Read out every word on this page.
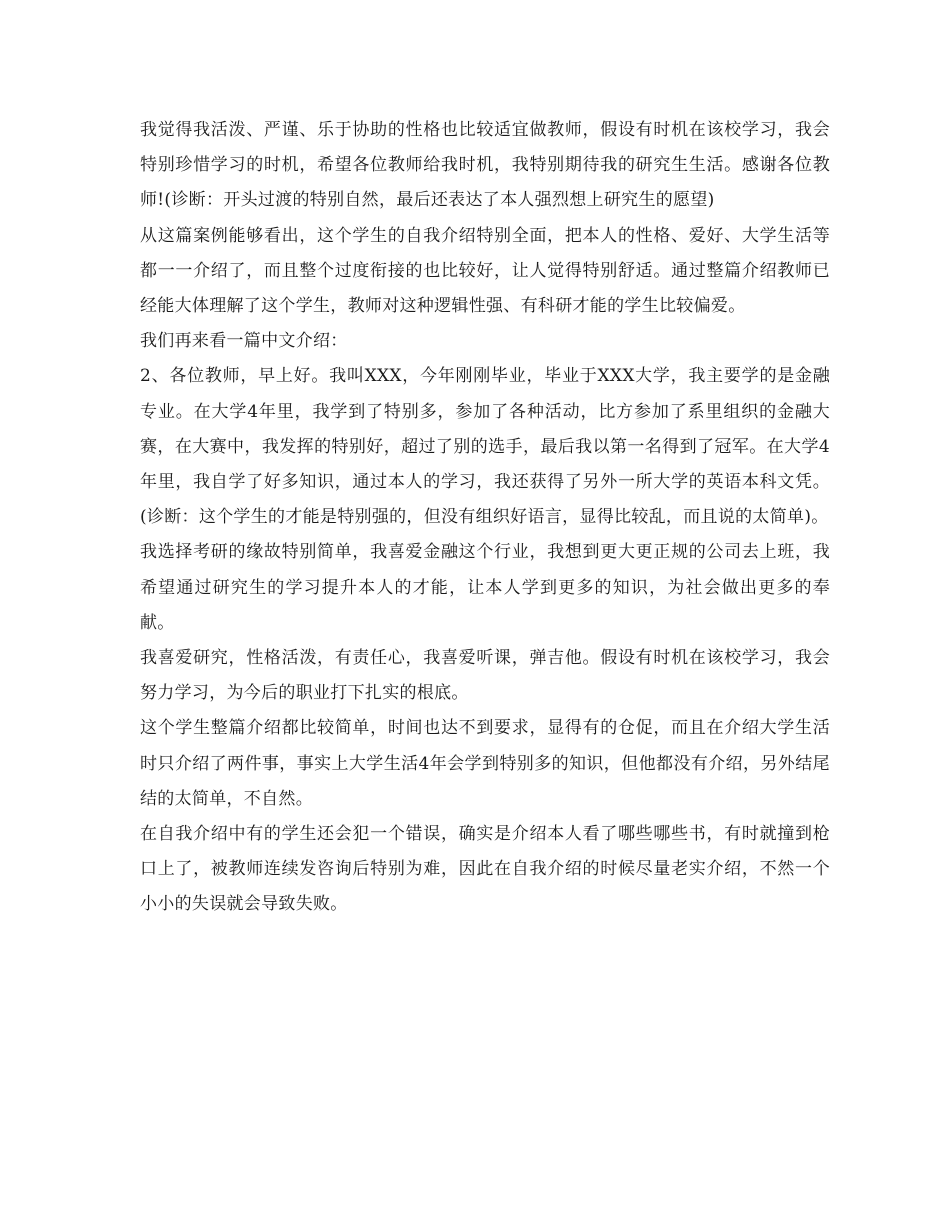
我觉得我活泼、严谨、乐于协助的性格也比较适宜做教师，假设有时机在该校学习，我会特别珍惜学习的时机，希望各位教师给我时机，我特别期待我的研究生生活。感谢各位教师!(诊断：开头过渡的特别自然，最后还表达了本人强烈想上研究生的愿望)

从这篇案例能够看出，这个学生的自我介绍特别全面，把本人的性格、爱好、大学生活等都一一介绍了，而且整个过度衔接的也比较好，让人觉得特别舒适。通过整篇介绍教师已经能大体理解了这个学生，教师对这种逻辑性强、有科研才能的学生比较偏爱。

我们再来看一篇中文介绍：

2、各位教师，早上好。我叫XXX，今年刚刚毕业，毕业于XXX大学，我主要学的是金融专业。在大学4年里，我学到了特别多，参加了各种活动，比方参加了系里组织的金融大赛，在大赛中，我发挥的特别好，超过了别的选手，最后我以第一名得到了冠军。在大学4年里，我自学了好多知识，通过本人的学习，我还获得了另外一所大学的英语本科文凭。(诊断：这个学生的才能是特别强的，但没有组织好语言，显得比较乱，而且说的太简单)。

我选择考研的缘故特别简单，我喜爱金融这个行业，我想到更大更正规的公司去上班，我希望通过研究生的学习提升本人的才能，让本人学到更多的知识，为社会做出更多的奉献。

我喜爱研究，性格活泼，有责任心，我喜爱听课，弹吉他。假设有时机在该校学习，我会努力学习，为今后的职业打下扎实的根底。

这个学生整篇介绍都比较简单，时间也达不到要求，显得有的仓促，而且在介绍大学生活时只介绍了两件事，事实上大学生活4年会学到特别多的知识，但他都没有介绍，另外结尾结的太简单，不自然。

在自我介绍中有的学生还会犯一个错误，确实是介绍本人看了哪些哪些书，有时就撞到枪口上了，被教师连续发咨询后特别为难，因此在自我介绍的时候尽量老实介绍，不然一个小小的失误就会导致失败。
